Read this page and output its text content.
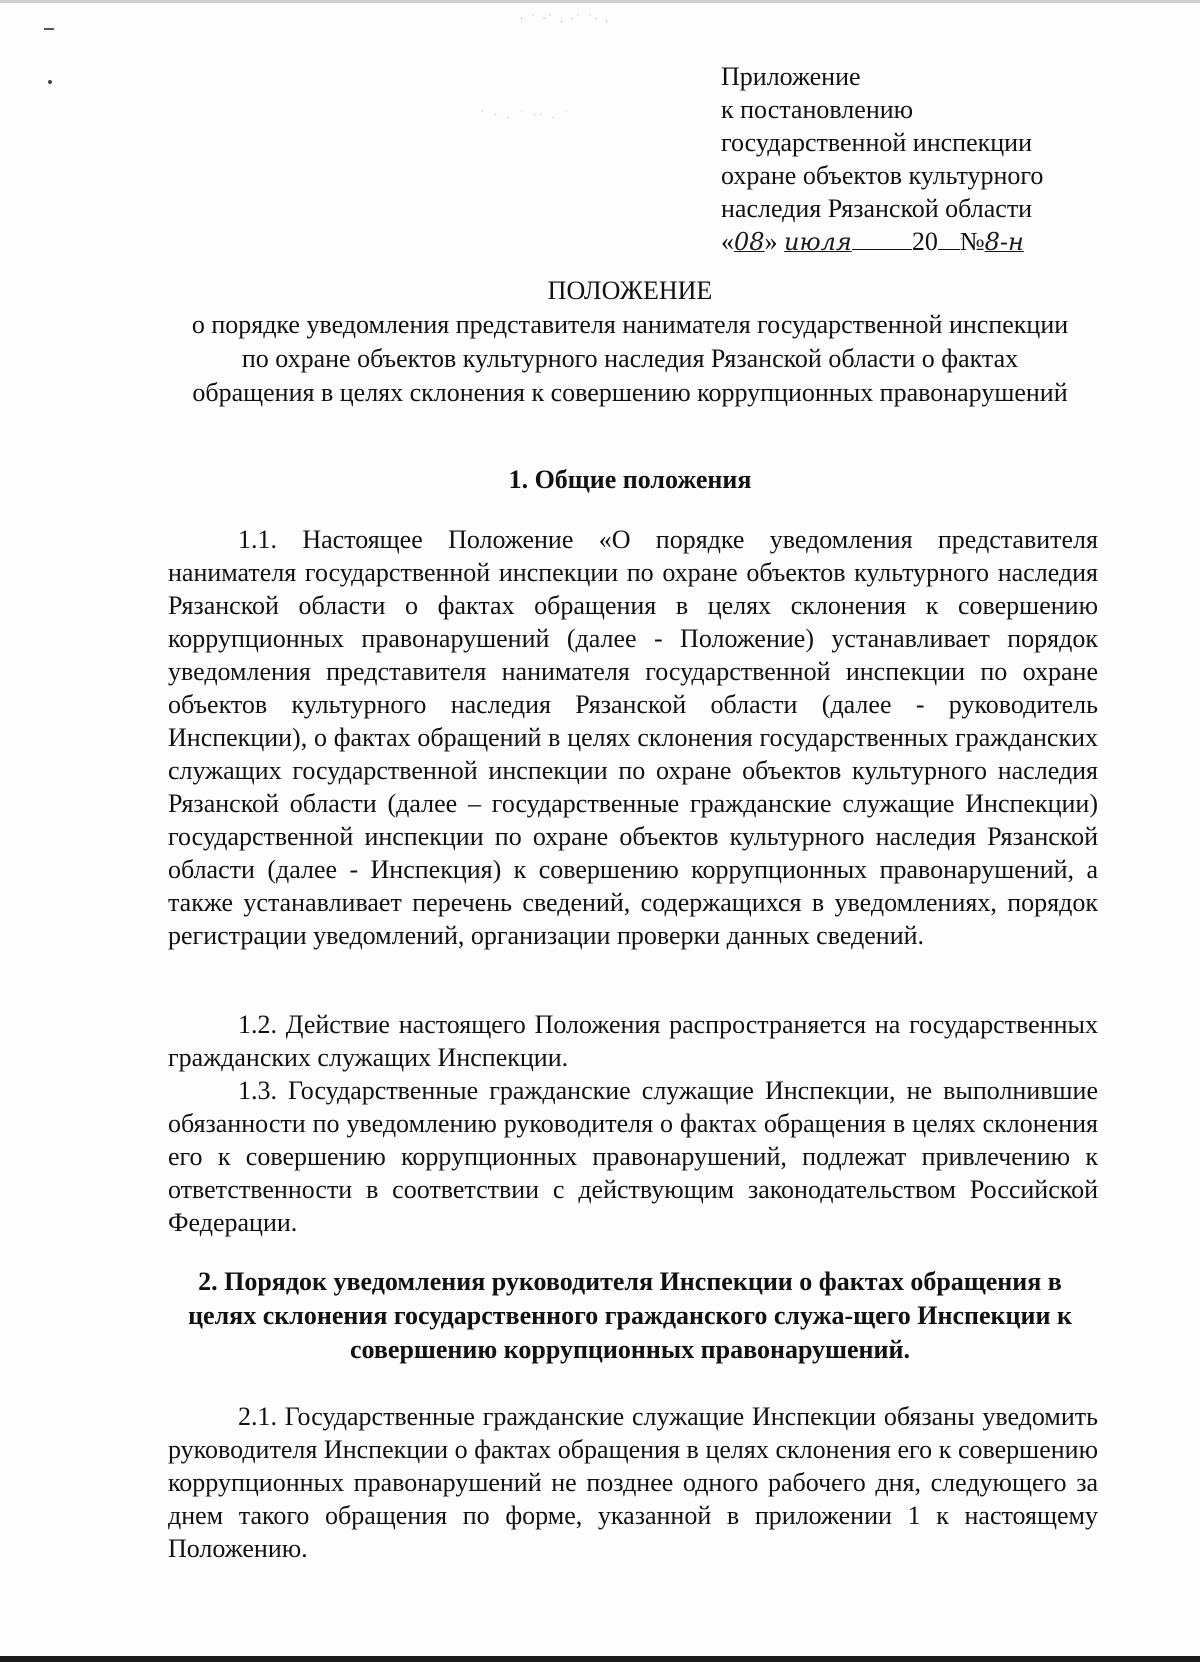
· ˙ ·˙ . ·˙ ˙· .
˙ · . ˙ ·· . ˙
Приложение
к постановлению
государственной инспекции
охране объектов культурного
наследия Рязанской области
«08» июля 20 №8-н
ПОЛОЖЕНИЕ
о порядке уведомления представителя нанимателя государственной инспекции по охране объектов культурного наследия Рязанской области о фактах обращения в целях склонения к совершению коррупционных правонарушений
1. Общие положения
1.1. Настоящее Положение «О порядке уведомления представителя нанимателя государственной инспекции по охране объектов культурного наследия Рязанской области о фактах обращения в целях склонения к совершению коррупционных правонарушений (далее - Положение) устанавливает порядок уведомления представителя нанимателя государственной инспекции по охране объектов культурного наследия Рязанской области (далее - руководитель Инспекции), о фактах обращений в целях склонения государственных гражданских служащих государственной инспекции по охране объектов культурного наследия Рязанской области (далее – государственные гражданские служащие Инспекции) государственной инспекции по охране объектов культурного наследия Рязанской области (далее - Инспекция) к совершению коррупционных правонарушений, а также устанавливает перечень сведений, содержащихся в уведомлениях, порядок регистрации уведомлений, организации проверки данных сведений.
1.2. Действие настоящего Положения распространяется на государственных гражданских служащих Инспекции.
1.3. Государственные гражданские служащие Инспекции, не выполнившие обязанности по уведомлению руководителя о фактах обращения в целях склонения его к совершению коррупционных правонарушений, подлежат привлечению к ответственности в соответствии с действующим законодательством Российской Федерации.
2. Порядок уведомления руководителя Инспекции о фактах обращения в целях склонения государственного гражданского служа-щего Инспекции к совершению коррупционных правонарушений.
2.1. Государственные гражданские служащие Инспекции обязаны уведомить руководителя Инспекции о фактах обращения в целях склонения его к совершению коррупционных правонарушений не позднее одного рабочего дня, следующего за днем такого обращения по форме, указанной в приложении 1 к настоящему Положению.
